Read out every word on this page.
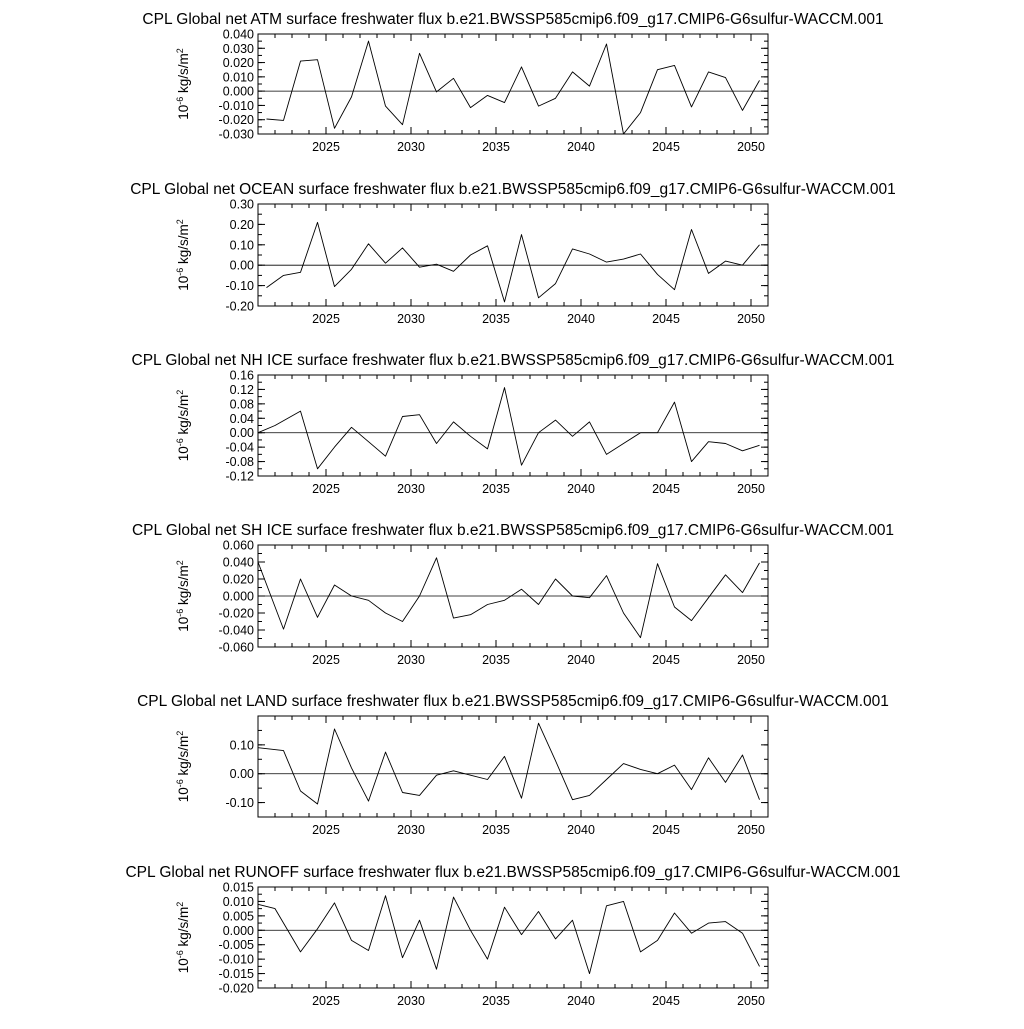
CPL Global net ATM surface freshwater flux b.e21.BWSSP585cmip6.f09_g17.CMIP6-G6sulfur-WACCM.001
-0.030
-0.020
-0.010
0.000
0.010
0.020
0.030
0.040
2025	2030	2035	2040	2045	2050
$10^{-6}$ $kg/s/m^2$
CPL Global net OCEAN surface freshwater flux b.e21.BWSSP585cmip6.f09_g17.CMIP6-G6sulfur-WACCM.001
-0.20
-0.10
0.00
0.10
0.20
0.30
2025	2030	2035	2040	2045	2050
$10^{-6}$ $kg/s/m^2$
CPL Global net NH ICE surface freshwater flux b.e21.BWSSP585cmip6.f09_g17.CMIP6-G6sulfur-WACCM.001
-0.12
-0.08
-0.04
0.00
0.04
0.08
0.12
0.16
2025	2030	2035	2040	2045	2050
$10^{-6}$ $kg/s/m^2$
CPL Global net SH ICE surface freshwater flux b.e21.BWSSP585cmip6.f09_g17.CMIP6-G6sulfur-WACCM.001
-0.060
-0.040
-0.020
0.000
0.020
0.040
0.060
2025	2030	2035	2040	2045	2050
$10^{-6}$ $kg/s/m^2$
CPL Global net LAND surface freshwater flux b.e21.BWSSP585cmip6.f09_g17.CMIP6-G6sulfur-WACCM.001
-0.10
0.00
0.10
2025	2030	2035	2040	2045	2050
$10^{-6}$ $kg/s/m^2$
CPL Global net RUNOFF surface freshwater flux b.e21.BWSSP585cmip6.f09_g17.CMIP6-G6sulfur-WACCM.001
-0.020
-0.015
-0.010
-0.005
0.000
0.005
0.010
0.015
2025	2030	2035	2040	2045	2050
$10^{-6}$ $kg/s/m^2$
